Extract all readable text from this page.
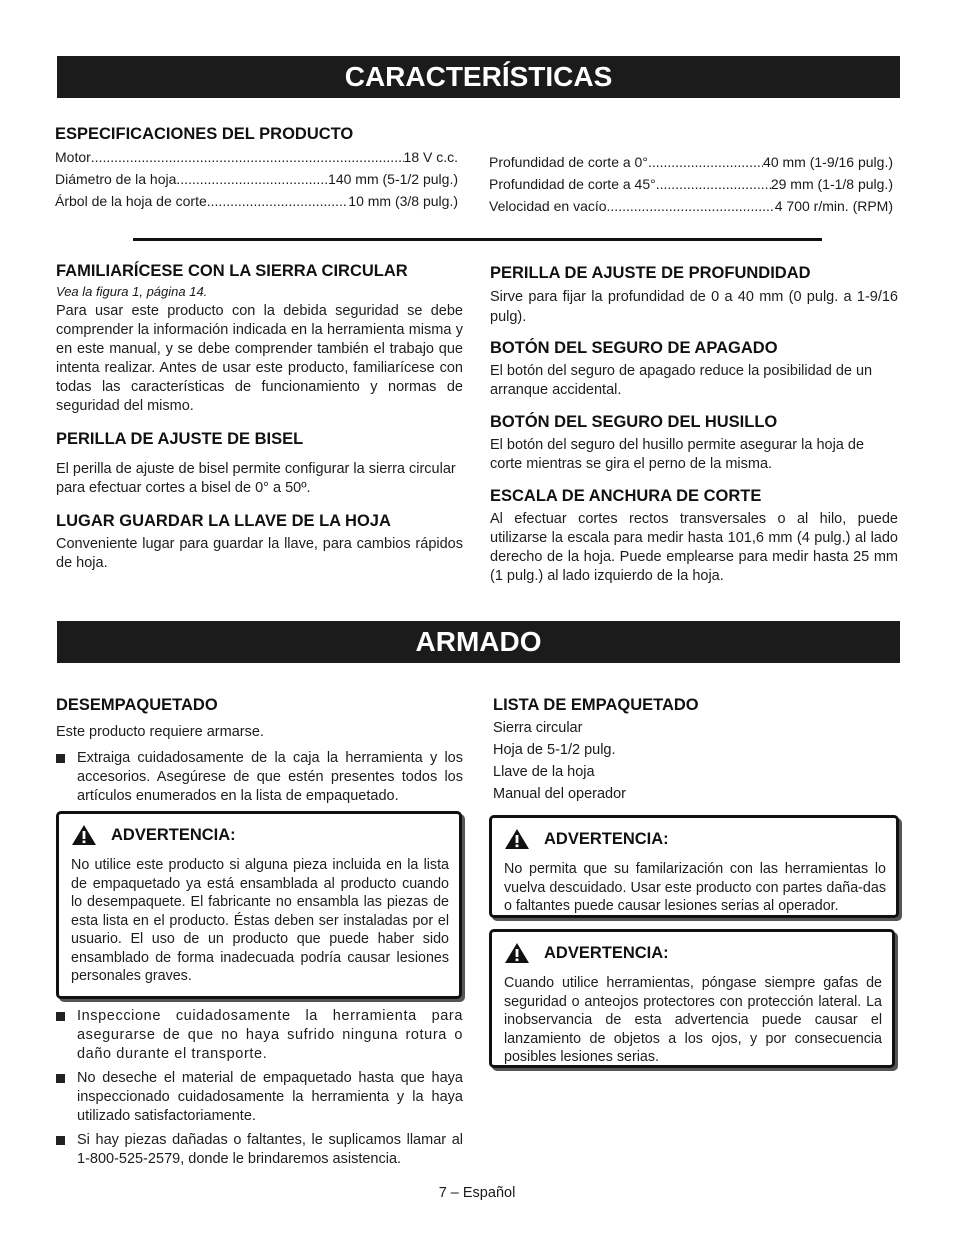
CARACTERÍSTICAS
ESPECIFICACIONES DEL PRODUCTO
Motor .....	18 V c.c.
Diámetro de la hoja .....	140 mm (5-1/2 pulg.)
Árbol de la hoja de corte .....	10 mm (3/8 pulg.)
Profundidad de corte a 0° .....	40 mm (1-9/16 pulg.)
Profundidad de corte a 45° .....	29 mm (1-1/8 pulg.)
Velocidad en vacío .....	4 700 r/min. (RPM)
FAMILIARÍCESE CON LA SIERRA CIRCULAR
Vea la figura 1, página 14.

Para usar este producto con la debida seguridad se debe comprender la información indicada en la herramienta misma y en este manual, y se debe comprender también el trabajo que intenta realizar. Antes de usar este producto, familiarícese con todas las características de funcionamiento y normas de seguridad del mismo.

PERILLA DE AJUSTE DE BISEL

El perilla de ajuste de bisel permite configurar la sierra circular para efectuar cortes a bisel de 0° a 50º.

LUGAR GUARDAR LA LLAVE DE LA HOJA

Conveniente lugar para guardar la llave, para cambios rápidos de hoja.

PERILLA DE AJUSTE DE PROFUNDIDAD

Sirve para fijar la profundidad de 0 a 40 mm (0 pulg. a 1-9/16 pulg).

BOTÓN DEL SEGURO DE APAGADO

El botón del seguro de apagado reduce la posibilidad de un arranque accidental.

BOTÓN DEL SEGURO DEL HUSILLO

El botón del seguro del husillo permite asegurar la hoja de corte mientras se gira el perno de la misma.

ESCALA DE ANCHURA DE CORTE

Al efectuar cortes rectos transversales o al hilo, puede utilizarse la escala para medir hasta 101,6 mm (4 pulg.) al lado derecho de la hoja. Puede emplearse para medir hasta 25 mm (1 pulg.) al lado izquierdo de la hoja.

ARMADO
DESEMPAQUETADO

Este producto requiere armarse.

Extraiga cuidadosamente de la caja la herramienta y los accesorios. Asegúrese de que estén presentes todos los artículos enumerados en la lista de empaquetado.

ADVERTENCIA:

No utilice este producto si alguna pieza incluida en la lista de empaquetado ya está ensamblada al producto cuando lo desempaquete. El fabricante no ensambla las piezas de esta lista en el producto. Éstas deben ser instaladas por el usuario. El uso de un producto que puede haber sido ensamblado de forma inadecuada podría causar lesiones personales graves.

Inspeccione cuidadosamente la herramienta para asegurarse de que no haya sufrido ninguna rotura o daño durante el transporte.

No deseche el material de empaquetado hasta que haya inspeccionado cuidadosamente la herramienta y la haya utilizado satisfactoriamente.

Si hay piezas dañadas o faltantes, le suplicamos llamar al 1-800-525-2579, donde le brindaremos asistencia.

LISTA DE EMPAQUETADO
Sierra circular
Hoja de 5-1/2 pulg.
Llave de la hoja
Manual del operador
ADVERTENCIA:

No permita que su familarización con las herramientas lo vuelva descuidado. Usar este producto con partes daña-das o faltantes puede causar lesiones serias al operador.

ADVERTENCIA:

Cuando utilice herramientas, póngase siempre gafas de seguridad o anteojos protectores con protección lateral. La inobservancia de esta advertencia puede causar el lanzamiento de objetos a los ojos, y por consecuencia posibles lesiones serias.

7 – Español
